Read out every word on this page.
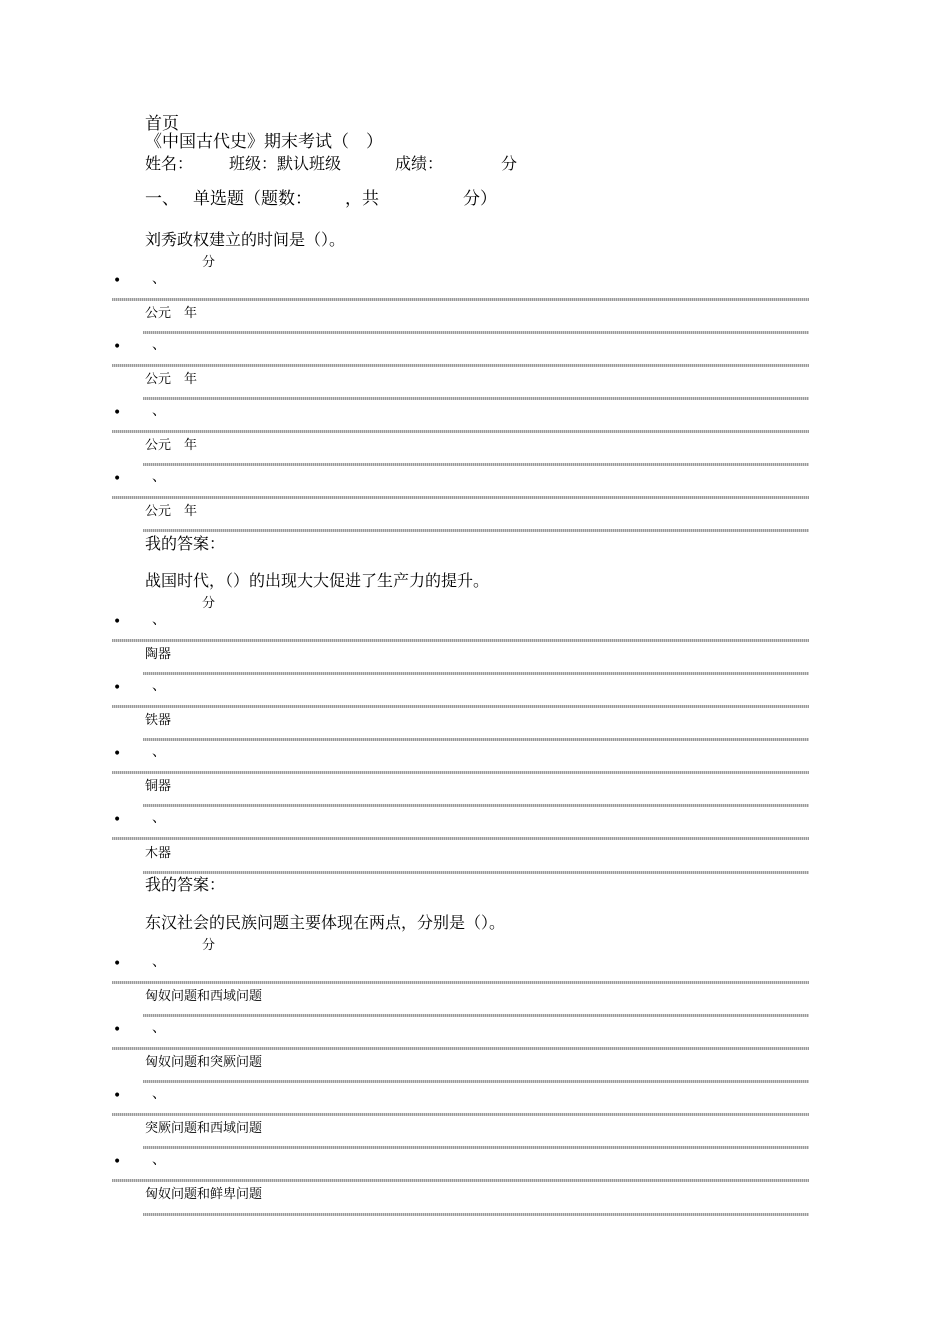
首页
《中国古代史》期末考试（　）
姓名： 班级：默认班级	成绩：	分
一、 单选题（题数： ，共	分）
刘秀政权建立的时间是（）。
分
• 、
公元　年
• 、
公元　年
• 、
公元　年
• 、
公元　年
我的答案：
战国时代，（）的出现大大促进了生产力的提升。
分
• 、
陶器
• 、
铁器
• 、
铜器
• 、
木器
我的答案：
东汉社会的民族问题主要体现在两点，分别是（）。
分
• 、
匈奴问题和西域问题
• 、
匈奴问题和突厥问题
• 、
突厥问题和西域问题
• 、
匈奴问题和鲜卑问题
